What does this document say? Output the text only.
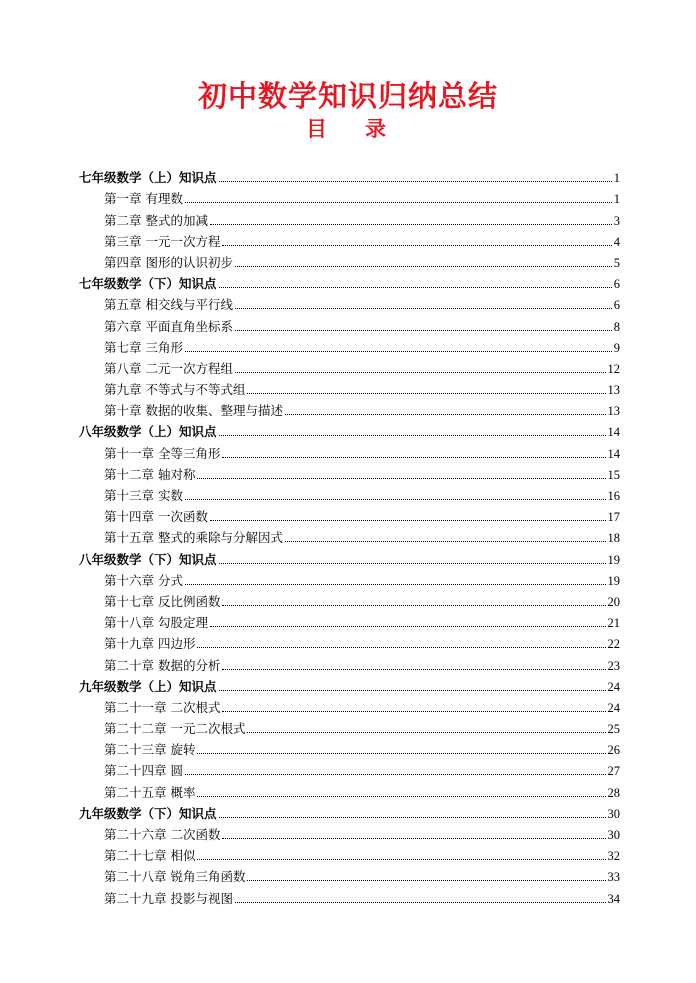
初中数学知识归纳总结
目录
七年级数学（上）知识点	1
第一章 有理数	1
第二章 整式的加减	3
第三章 一元一次方程	4
第四章 图形的认识初步	5
七年级数学（下）知识点	6
第五章 相交线与平行线	6
第六章 平面直角坐标系	8
第七章 三角形	9
第八章 二元一次方程组	12
第九章 不等式与不等式组	13
第十章 数据的收集、整理与描述	13
八年级数学（上）知识点	14
第十一章 全等三角形	14
第十二章 轴对称	15
第十三章 实数	16
第十四章 一次函数	17
第十五章 整式的乘除与分解因式	18
八年级数学（下）知识点	19
第十六章 分式	19
第十七章 反比例函数	20
第十八章 勾股定理	21
第十九章 四边形	22
第二十章 数据的分析	23
九年级数学（上）知识点	24
第二十一章 二次根式	24
第二十二章 一元二次根式	25
第二十三章 旋转	26
第二十四章 圆	27
第二十五章 概率	28
九年级数学（下）知识点	30
第二十六章 二次函数	30
第二十七章 相似	32
第二十八章 锐角三角函数	33
第二十九章 投影与视图	34
